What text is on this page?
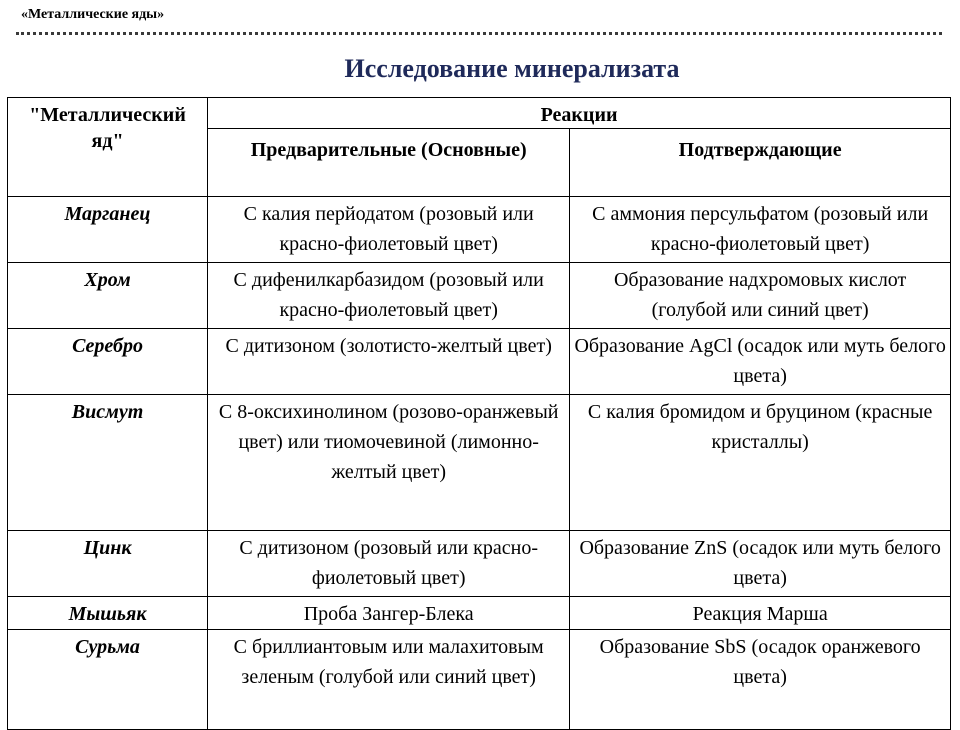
«Металлические яды»
Исследование минерализата
"Металлический яд"	Реакции	
	Предварительные (Основные)	Подтверждающие
Марганец	С калия перйодатом (розовый или красно-фиолетовый цвет)	С аммония персульфатом (розовый или красно-фиолетовый цвет)
Хром	С дифенилкарбазидом (розовый или красно-фиолетовый цвет)	Образование надхромовых кислот (голубой или синий цвет)
Серебро	С дитизоном (золотисто-желтый цвет)	Образование AgCl (осадок или муть белого цвета)
Висмут	С 8-оксихинолином (розово-оранжевый цвет) или тиомочевиной (лимонно-желтый цвет)	С калия бромидом и бруцином (красные кристаллы)
Цинк	С дитизоном (розовый или красно-фиолетовый цвет)	Образование ZnS (осадок или муть белого цвета)
Мышьяк	Проба Зангер-Блека	Реакция Марша
Сурьма	С бриллиантовым или малахитовым зеленым (голубой или синий цвет)	Образование SbS (осадок оранжевого цвета)
